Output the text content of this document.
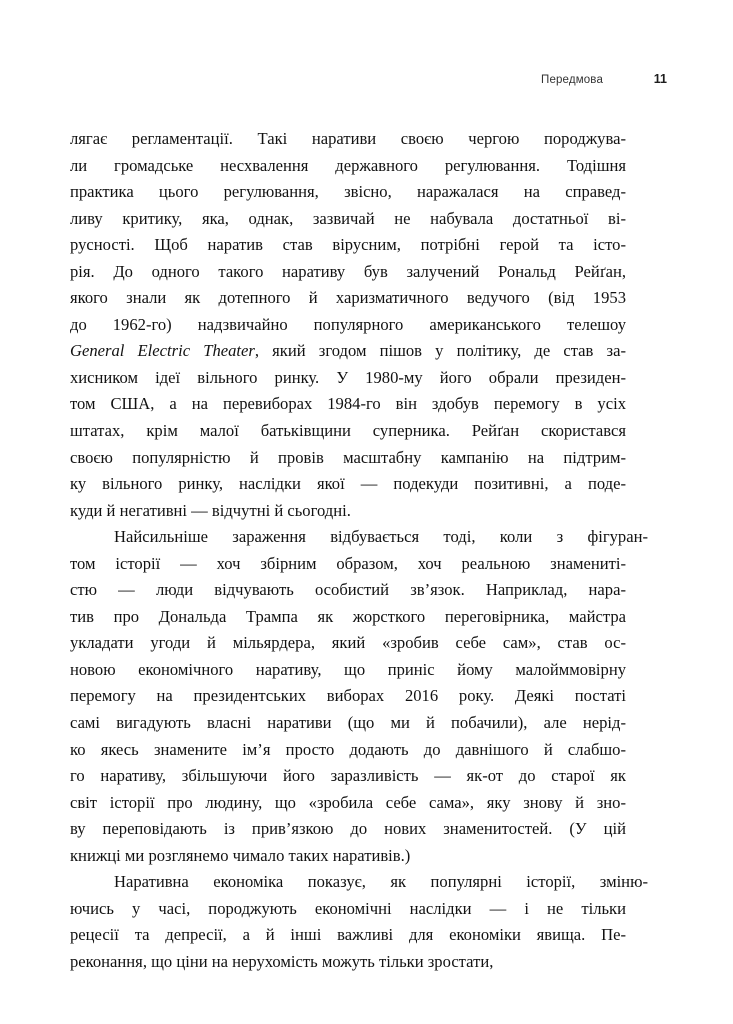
Передмова	11

лягає регламентації. Такі наративи своєю чергою породжува-
ли громадське несхвалення державного регулювання. Тодішня
практика цього регулювання, звісно, наражалася на справед-
ливу критику, яка, однак, зазвичай не набувала достатньої ві-
русності. Щоб наратив став вірусним, потрібні герой та істо-
рія. До одного такого наративу був залучений Рональд Рейґан,
якого знали як дотепного й харизматичного ведучого (від 1953
до 1962-го) надзвичайно популярного американського телешоу
General Electric Theater, який згодом пішов у політику, де став за-
хисником ідеї вільного ринку. У 1980-му його обрали президен-
том США, а на перевиборах 1984-го він здобув перемогу в усіх
штатах, крім малої батьківщини суперника. Рейґан скористався
своєю популярністю й провів масштабну кампанію на підтрим-
ку вільного ринку, наслідки якої — подекуди позитивні, а поде-
куди й негативні — відчутні й сьогодні.

Найсильніше зараження відбувається тоді, коли з фігуран-
том історії — хоч збірним образом, хоч реальною знамениті-
стю — люди відчувають особистий зв’язок. Наприклад, нара-
тив про Дональда Трампа як жорсткого переговірника, майстра
укладати угоди й мільярдера, який «зробив себе сам», став ос-
новою економічного наративу, що приніс йому малойммовірну
перемогу на президентських виборах 2016 року. Деякі постаті
самі вигадують власні наративи (що ми й побачили), але нерід-
ко якесь знаменитe ім’я просто додають до давнішого й слабшо-
го наративу, збільшуючи його заразливість — як-от до старої як
світ історії про людину, що «зробила себе сама», яку знову й зно-
ву переповідають із прив’язкою до нових знаменитостей. (У цій
книжці ми розглянемо чимало таких наративів.)

Наративна економіка показує, як популярні історії, зміню-
ючись у часі, породжують економічні наслідки — і не тільки
рецесії та депресії, а й інші важливі для економіки явища. Пе-
реконання, що ціни на нерухомість можуть тільки зростати,
